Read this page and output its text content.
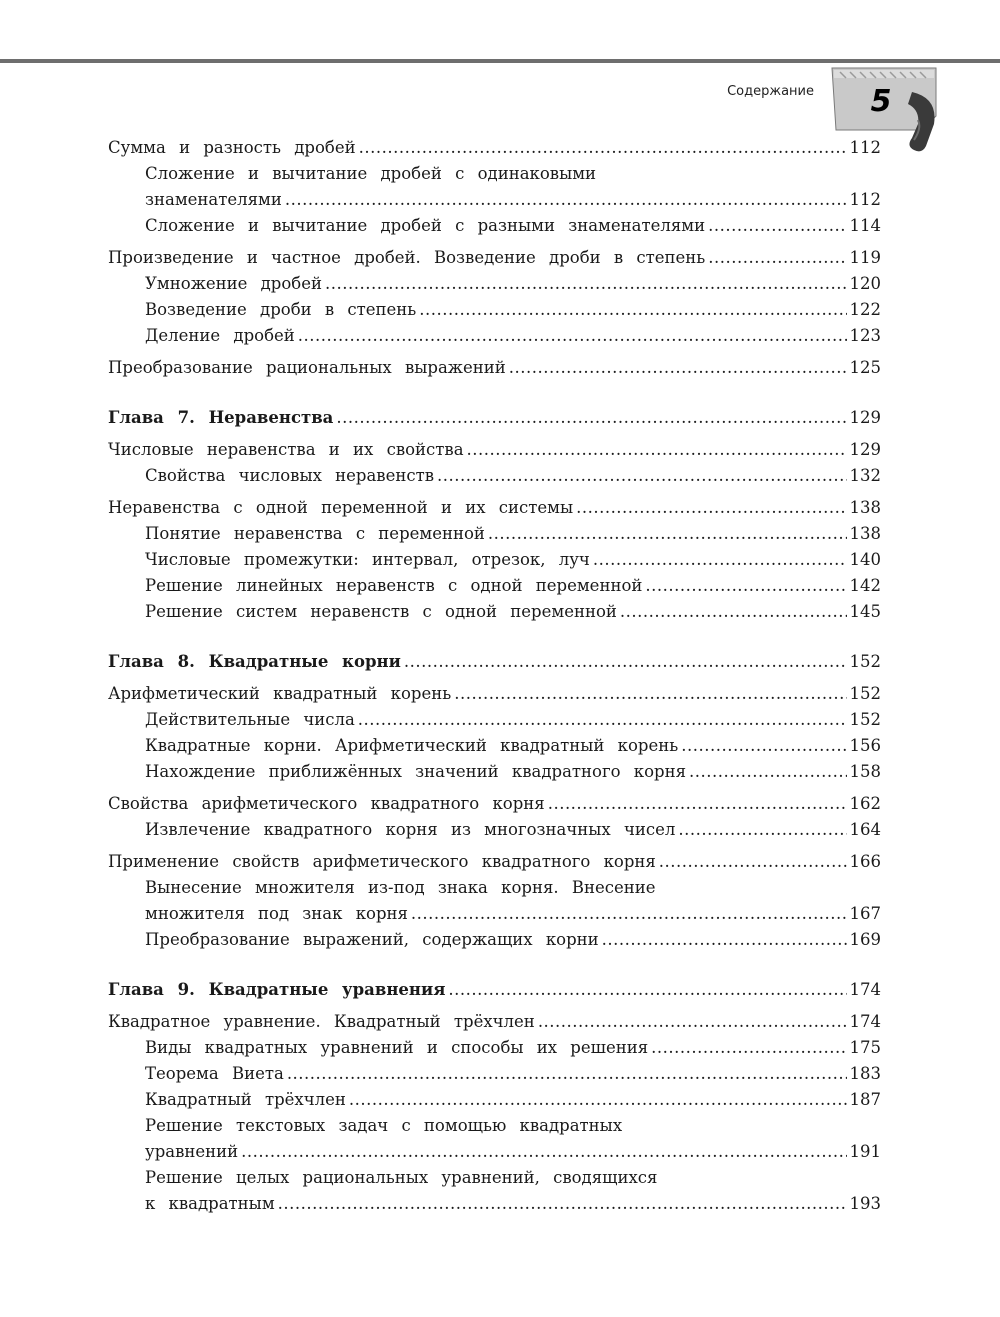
Содержание	5
Сумма и разность дробей .....	112
Сложение и вычитание дробей с одинаковыми
знаменателями .....	112
Сложение и вычитание дробей с разными знаменателями .....	114
Произведение и частное дробей. Возведение дроби в степень .....	119
Умножение дробей .....	120
Возведение дроби в степень .....	122
Деление дробей .....	123
Преобразование рациональных выражений .....	125
Глава 7. Неравенства .....	129
Числовые неравенства и их свойства .....	129
Свойства числовых неравенств .....	132
Неравенства с одной переменной и их системы .....	138
Понятие неравенства с переменной .....	138
Числовые промежутки: интервал, отрезок, луч .....	140
Решение линейных неравенств с одной переменной .....	142
Решение систем неравенств с одной переменной .....	145
Глава 8. Квадратные корни .....	152
Арифметический квадратный корень .....	152
Действительные числа .....	152
Квадратные корни. Арифметический квадратный корень .....	156
Нахождение приближённых значений квадратного корня .....	158
Свойства арифметического квадратного корня .....	162
Извлечение квадратного корня из многозначных чисел .....	164
Применение свойств арифметического квадратного корня .....	166
Вынесение множителя из-под знака корня. Внесение
множителя под знак корня .....	167
Преобразование выражений, содержащих корни .....	169
Глава 9. Квадратные уравнения .....	174
Квадратное уравнение. Квадратный трёхчлен .....	174
Виды квадратных уравнений и способы их решения .....	175
Теорема Виета .....	183
Квадратный трёхчлен .....	187
Решение текстовых задач с помощью квадратных
уравнений .....	191
Решение целых рациональных уравнений, сводящихся
к квадратным .....	193
